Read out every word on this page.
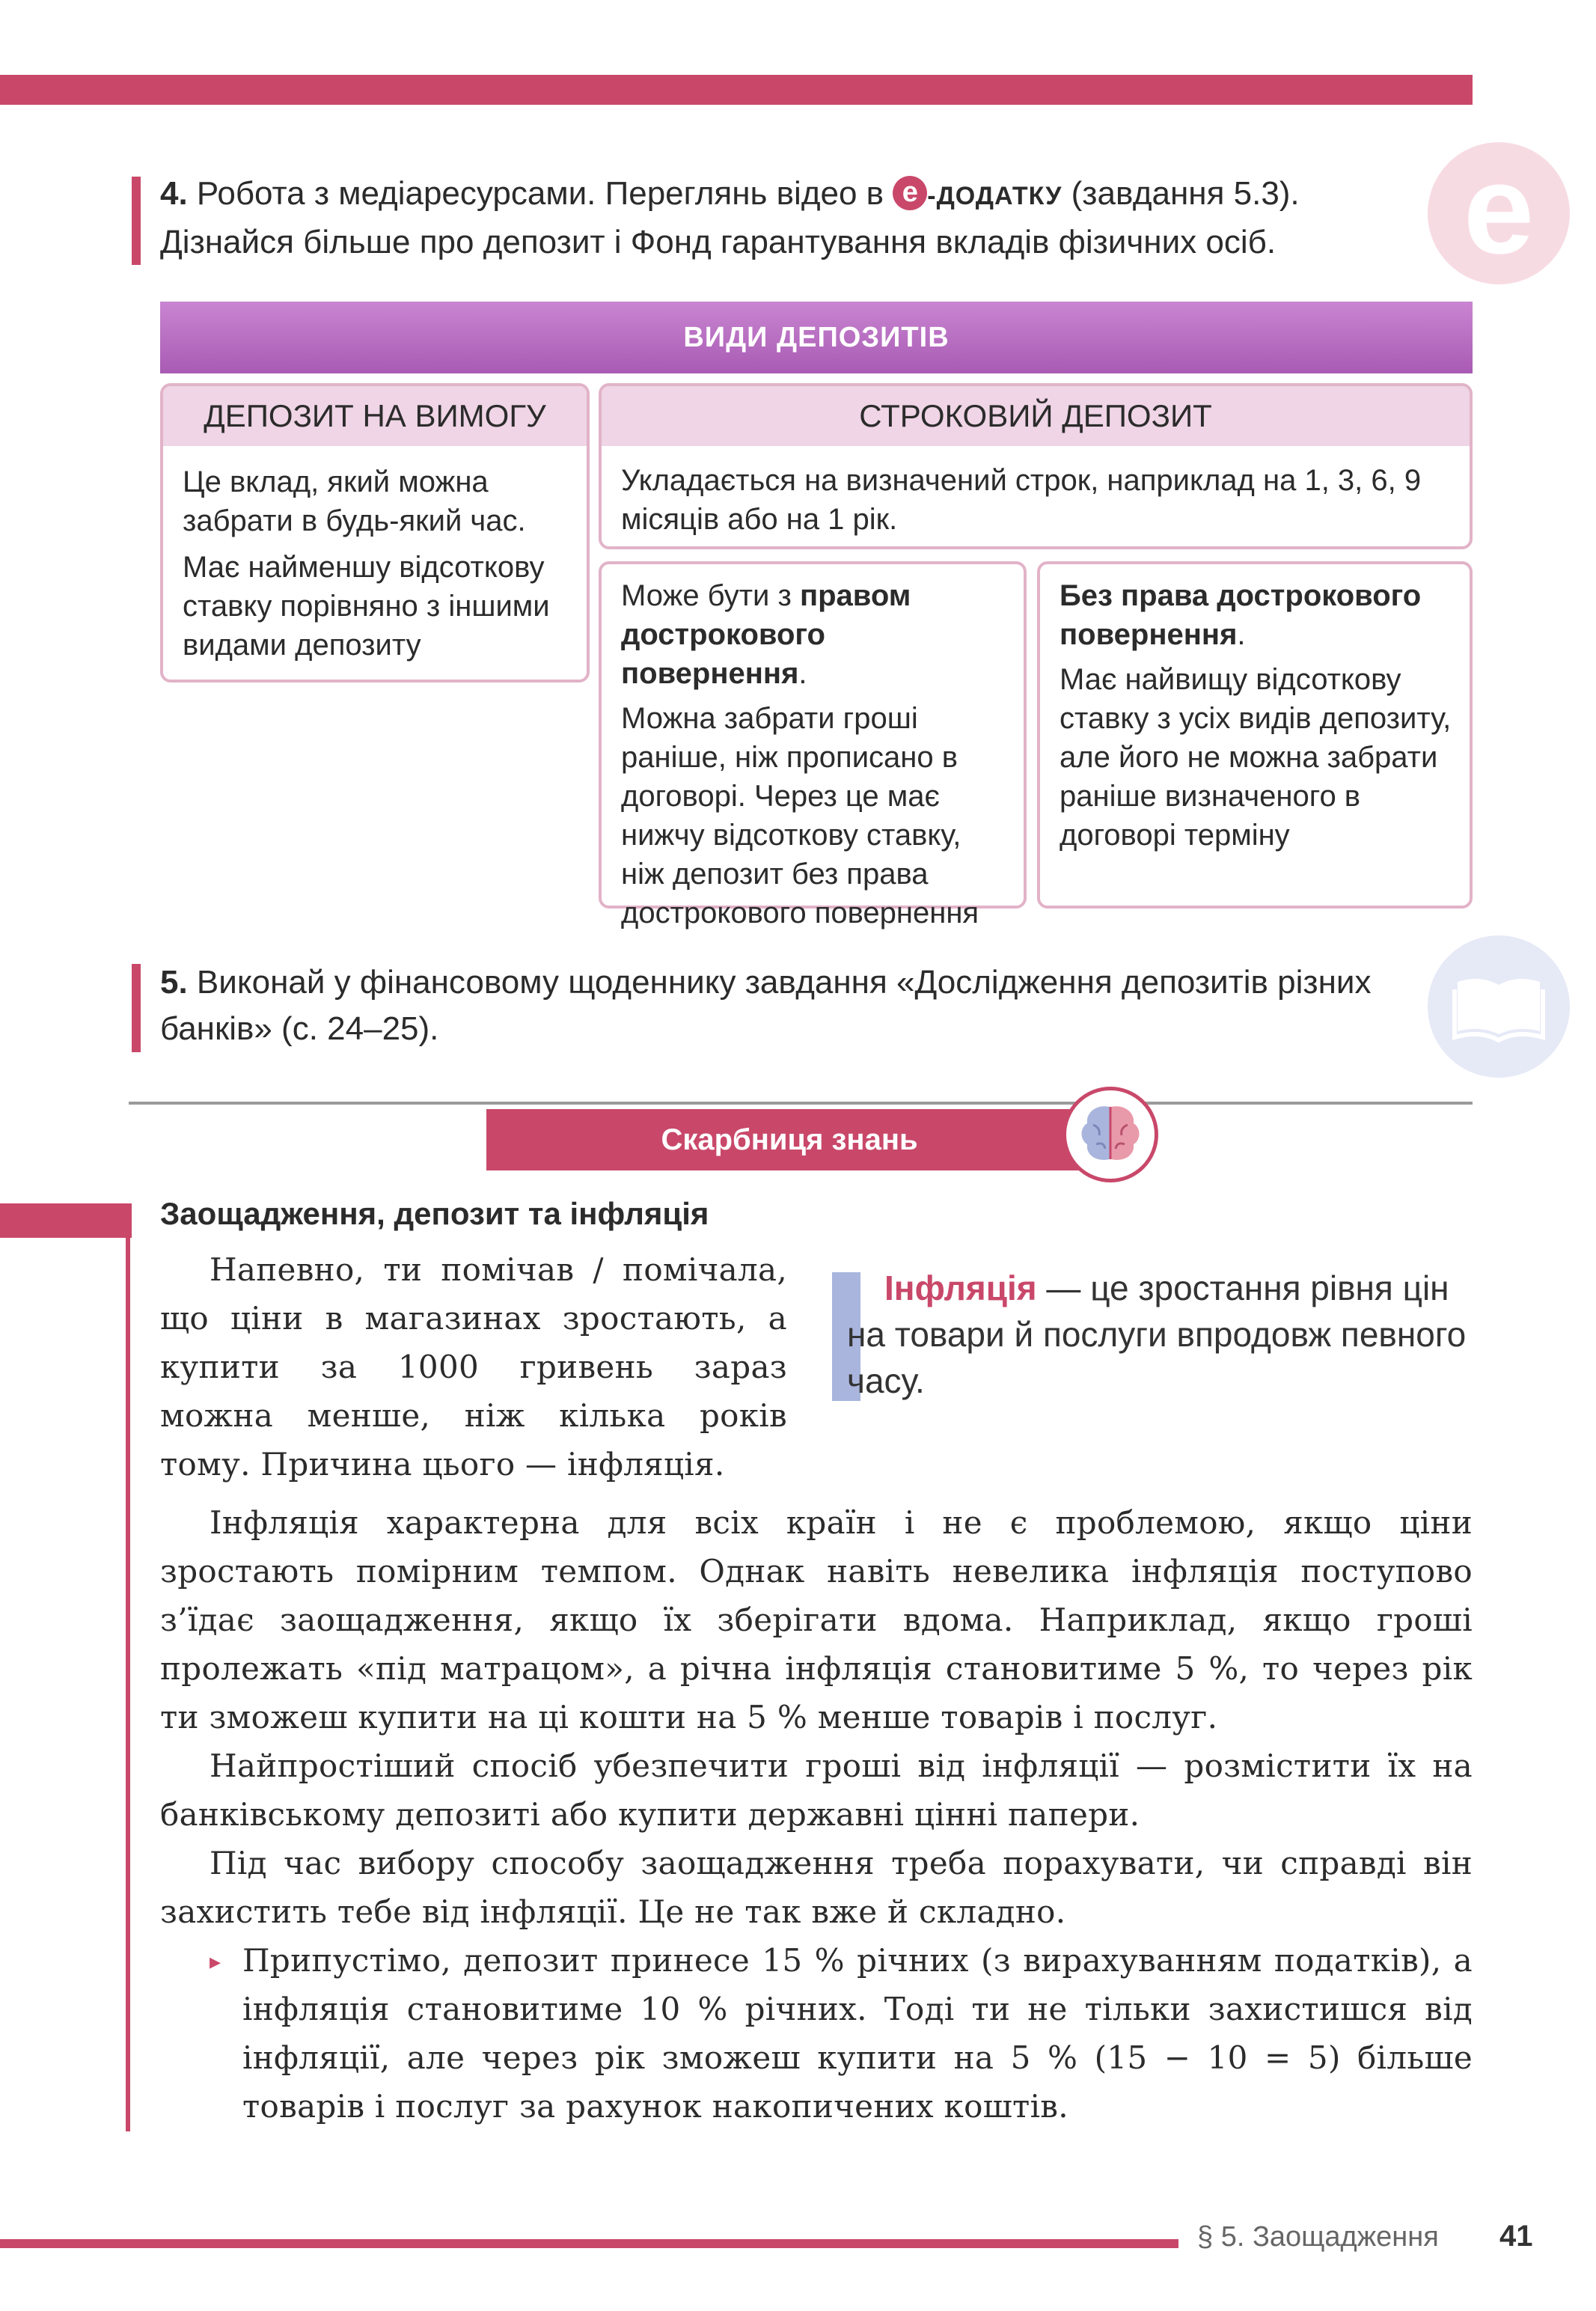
4. Робота з медіаресурсами. Переглянь відео в e -ДОДАТКУ (завдання 5.3).

Дізнайся більше про депозит і Фонд гарантування вкладів фізичних осіб.	e
ВИДИ ДЕПОЗИТІВ
ДЕПОЗИТ НА ВИМОГУ

Це вклад, який можна забрати в будь-який час.

Має найменшу відсоткову ставку порівняно з іншими видами депозиту

СТРОКОВИЙ ДЕПОЗИТ

Укладається на визначений строк, наприклад на 1, 3, 6, 9 місяців або на 1 рік.

Може бути з правом дострокового повернення.

Можна забрати гроші раніше, ніж прописано в договорі. Через це має нижчу відсоткову ставку, ніж депозит без права дострокового повернення

Без права дострокового повернення.

Має найвищу відсоткову ставку з усіх видів депозиту, але його не можна забрати раніше визначеного в договорі терміну

5. Виконай у фінансовому щоденнику завдання «Дослідження депозитів різних банків» (с. 24–25).

Скарбниця знань
Заощадження, депозит та інфляція
Напевно, ти помічав / помічала, що ціни в магазинах зростають, а купити за 1000 гривень зараз можна менше, ніж кілька років тому. Причина цього — інфляція.
Інфляція — це зростання рівня цін на товари й послуги впродовж певного часу.

Інфляція характерна для всіх країн і не є проблемою, якщо ціни зростають помірним темпом. Однак навіть невелика інфляція поступово з’їдає заощадження, якщо їх зберігати вдома. Наприклад, якщо гроші пролежать «під матрацом», а річна інфляція становитиме 5 %, то через рік ти зможеш купити на ці кошти на 5 % менше товарів і послуг.

Найпростіший спосіб убезпечити гроші від інфляції — розмістити їх на банківському депозиті або купити державні цінні папери.

Під час вибору способу заощадження треба порахувати, чи справді він захистить тебе від інфляції. Це не так вже й складно.

▸ Припустімо, депозит принесе 15 % річних (з вирахуванням податків), а інфляція становитиме 10 % річних. Тоді ти не тільки захистишся від інфляції, але через рік зможеш купити на 5 % (15 − 10 = 5) більше товарів і послуг за рахунок накопичених коштів.

§ 5. Заощадження 41
